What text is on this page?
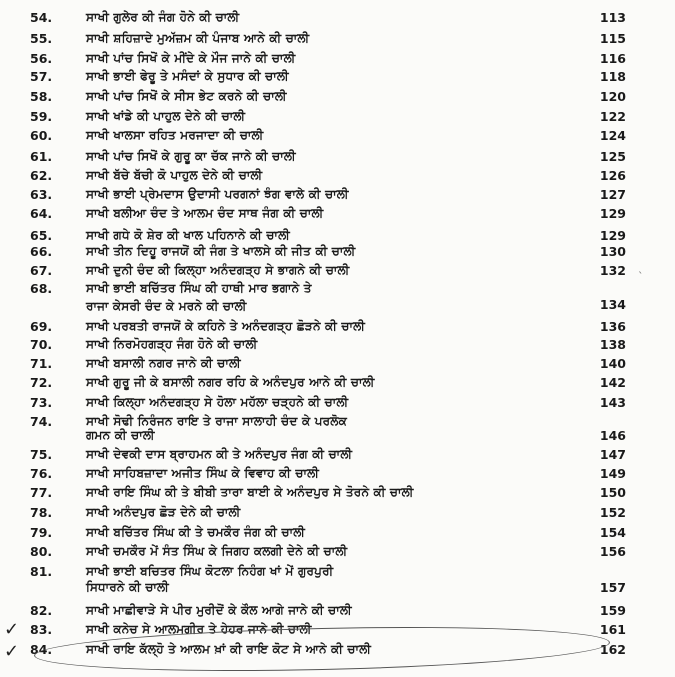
54.	ਸਾਖੀ ਗੁਲੇਰ ਕੀ ਜੰਗ ਹੋਨੇ ਕੀ ਚਾਲੀ	113
55.	ਸਾਖੀ ਸ਼ਹਿਜ਼ਾਦੇ ਮੁਅੱਜ਼ਮ ਕੀ ਪੰਜਾਬ ਆਨੇ ਕੀ ਚਾਲੀ	115
56.	ਸਾਖੀ ਪਾਂਚ ਸਿਖੋਂ ਕੇ ਮੀਂਦੇ ਕੇ ਮੌਜ ਜਾਨੇ ਕੀ ਚਾਲੀ	116
57.	ਸਾਖੀ ਭਾਈ ਫੇਰੂ ਤੇ ਮਸੰਦਾਂ ਕੇ ਸੁਧਾਰ ਕੀ ਚਾਲੀ	118
58.	ਸਾਖੀ ਪਾਂਚ ਸਿਖੋਂ ਕੇ ਸੀਸ ਭੇਟ ਕਰਨੇ ਕੀ ਚਾਲੀ	120
59.	ਸਾਖੀ ਖਾਂਡੇ ਕੀ ਪਾਹੁਲ ਦੇਨੇ ਕੀ ਚਾਲੀ	122
60.	ਸਾਖੀ ਖਾਲਸਾ ਰਹਿਤ ਮਰਜਾਦਾ ਕੀ ਚਾਲੀ	124
61.	ਸਾਖੀ ਪਾਂਚ ਸਿਖੋਂ ਕੇ ਗੁਰੂ ਕਾ ਚੱਕ ਜਾਨੇ ਕੀ ਚਾਲੀ	125
62.	ਸਾਖੀ ਬੱਚੇ ਬੱਚੀ ਕੋ ਪਾਹੁਲ ਦੇਨੇ ਕੀ ਚਾਲੀ	126
63.	ਸਾਖੀ ਭਾਈ ਪ੍ਰੇਮਦਾਸ ਉਦਾਸੀ ਪਰਗਨਾਂ ਝੰਗ ਵਾਲੇ ਕੀ ਚਾਲੀ	127
64.	ਸਾਖੀ ਬਲੀਆ ਚੰਦ ਤੇ ਆਲਮ ਚੰਦ ਸਾਥ ਜੰਗ ਕੀ ਚਾਲੀ	129
65.	ਸਾਖੀ ਗਧੇ ਕੋ ਸ਼ੇਰ ਕੀ ਖਾਲ ਪਹਿਨਾਨੇ ਕੀ ਚਾਲੀ	129
66.	ਸਾਖੀ ਤੀਨ ਦਿਹੂ ਰਾਜਯੋਂ ਕੀ ਜੰਗ ਤੇ ਖਾਲਸੇ ਕੀ ਜੀਤ ਕੀ ਚਾਲੀ	130
67.	ਸਾਖੀ ਦੁਨੀ ਚੰਦ ਕੀ ਕਿਲ੍ਹਾ ਅਨੰਦਗੜ੍ਹ ਸੇ ਭਾਗਨੇ ਕੀ ਚਾਲੀ	132
68.	ਸਾਖੀ ਭਾਈ ਬਚਿੱਤਰ ਸਿੰਘ ਕੀ ਹਾਥੀ ਮਾਰ ਭਗਾਨੇ ਤੇ
ਰਾਜਾ ਕੇਸਰੀ ਚੰਦ ਕੇ ਮਰਨੇ ਕੀ ਚਾਲੀ	134
69.	ਸਾਖੀ ਪਰਬਤੀ ਰਾਜਯੋਂ ਕੇ ਕਹਿਨੇ ਤੇ ਅਨੰਦਗੜ੍ਹ ਛੋੜਨੇ ਕੀ ਚਾਲੀ	136
70.	ਸਾਖੀ ਨਿਰਮੋਹਗੜ੍ਹ ਜੰਗ ਹੋਨੇ ਕੀ ਚਾਲੀ	138
71.	ਸਾਖੀ ਬਸਾਲੀ ਨਗਰ ਜਾਨੇ ਕੀ ਚਾਲੀ	140
72.	ਸਾਖੀ ਗੁਰੂ ਜੀ ਕੇ ਬਸਾਲੀ ਨਗਰ ਰਹਿ ਕੇ ਅਨੰਦਪੁਰ ਆਨੇ ਕੀ ਚਾਲੀ	142
73.	ਸਾਖੀ ਕਿਲ੍ਹਾ ਅਨੰਦਗੜ੍ਹ ਸੇ ਹੋਲਾ ਮਹੱਲਾ ਚੜ੍ਹਨੇ ਕੀ ਚਾਲੀ	143
74.	ਸਾਖੀ ਸੋਢੀ ਨਿਰੰਜਨ ਰਾਇ ਤੇ ਰਾਜਾ ਸਾਲਾਹੀ ਚੰਦ ਕੇ ਪਰਲੋਕ
ਗਮਨ ਕੀ ਚਾਲੀ	146
75.	ਸਾਖੀ ਦੇਵਕੀ ਦਾਸ ਬ੍ਰਾਹਮਨ ਕੀ ਤੇ ਅਨੰਦਪੁਰ ਜੰਗ ਕੀ ਚਾਲੀ	147
76.	ਸਾਖੀ ਸਾਹਿਬਜ਼ਾਦਾ ਅਜੀਤ ਸਿੰਘ ਕੇ ਵਿਵਾਹ ਕੀ ਚਾਲੀ	149
77.	ਸਾਖੀ ਰਾਇ ਸਿੰਘ ਕੀ ਤੇ ਬੀਬੀ ਤਾਰਾ ਬਾਈ ਕੇ ਅਨੰਦਪੁਰ ਸੇ ਤੋਰਨੇ ਕੀ ਚਾਲੀ	150
78.	ਸਾਖੀ ਅਨੰਦਪੁਰ ਛੋੜ ਦੇਨੇ ਕੀ ਚਾਲੀ	152
79.	ਸਾਖੀ ਬਚਿੱਤਰ ਸਿੰਘ ਕੀ ਤੇ ਚਮਕੌਰ ਜੰਗ ਕੀ ਚਾਲੀ	154
80.	ਸਾਖੀ ਚਮਕੌਰ ਮੇਂ ਸੰਤ ਸਿੰਘ ਕੇ ਜਿਗਹ ਕਲਗੀ ਦੇਨੇ ਕੀ ਚਾਲੀ	156
81.	ਸਾਖੀ ਭਾਈ ਬਚਿਤਰ ਸਿੰਘ ਕੋਟਲਾ ਨਿਹੰਗ ਖਾਂ ਮੇਂ ਗੁਰਪੁਰੀ
ਸਿਧਾਰਨੇ ਕੀ ਚਾਲੀ	157
82.	ਸਾਖੀ ਮਾਛੀਵਾੜੇ ਸੇ ਪੀਰ ਮੁਰੀਦੋਂ ਕੇ ਕੌਲ ਆਗੇ ਜਾਨੇ ਕੀ ਚਾਲੀ	159
83.	ਸਾਖੀ ਕਨੇਚ ਸੇ ਆਲਮਗੀਰ ਤੇ ਹੇਹਰ ਜਾਨੇ ਕੀ ਚਾਲੀ	161
84.	ਸਾਖੀ ਰਾਇ ਕੱਲ੍ਹੋ ਤੇ ਆਲਮ ਖ਼ਾਂ ਕੀ ਰਾਇ ਕੋਟ ਸੇ ਆਨੇ ਕੀ ਚਾਲੀ	162
✓
✓
`
